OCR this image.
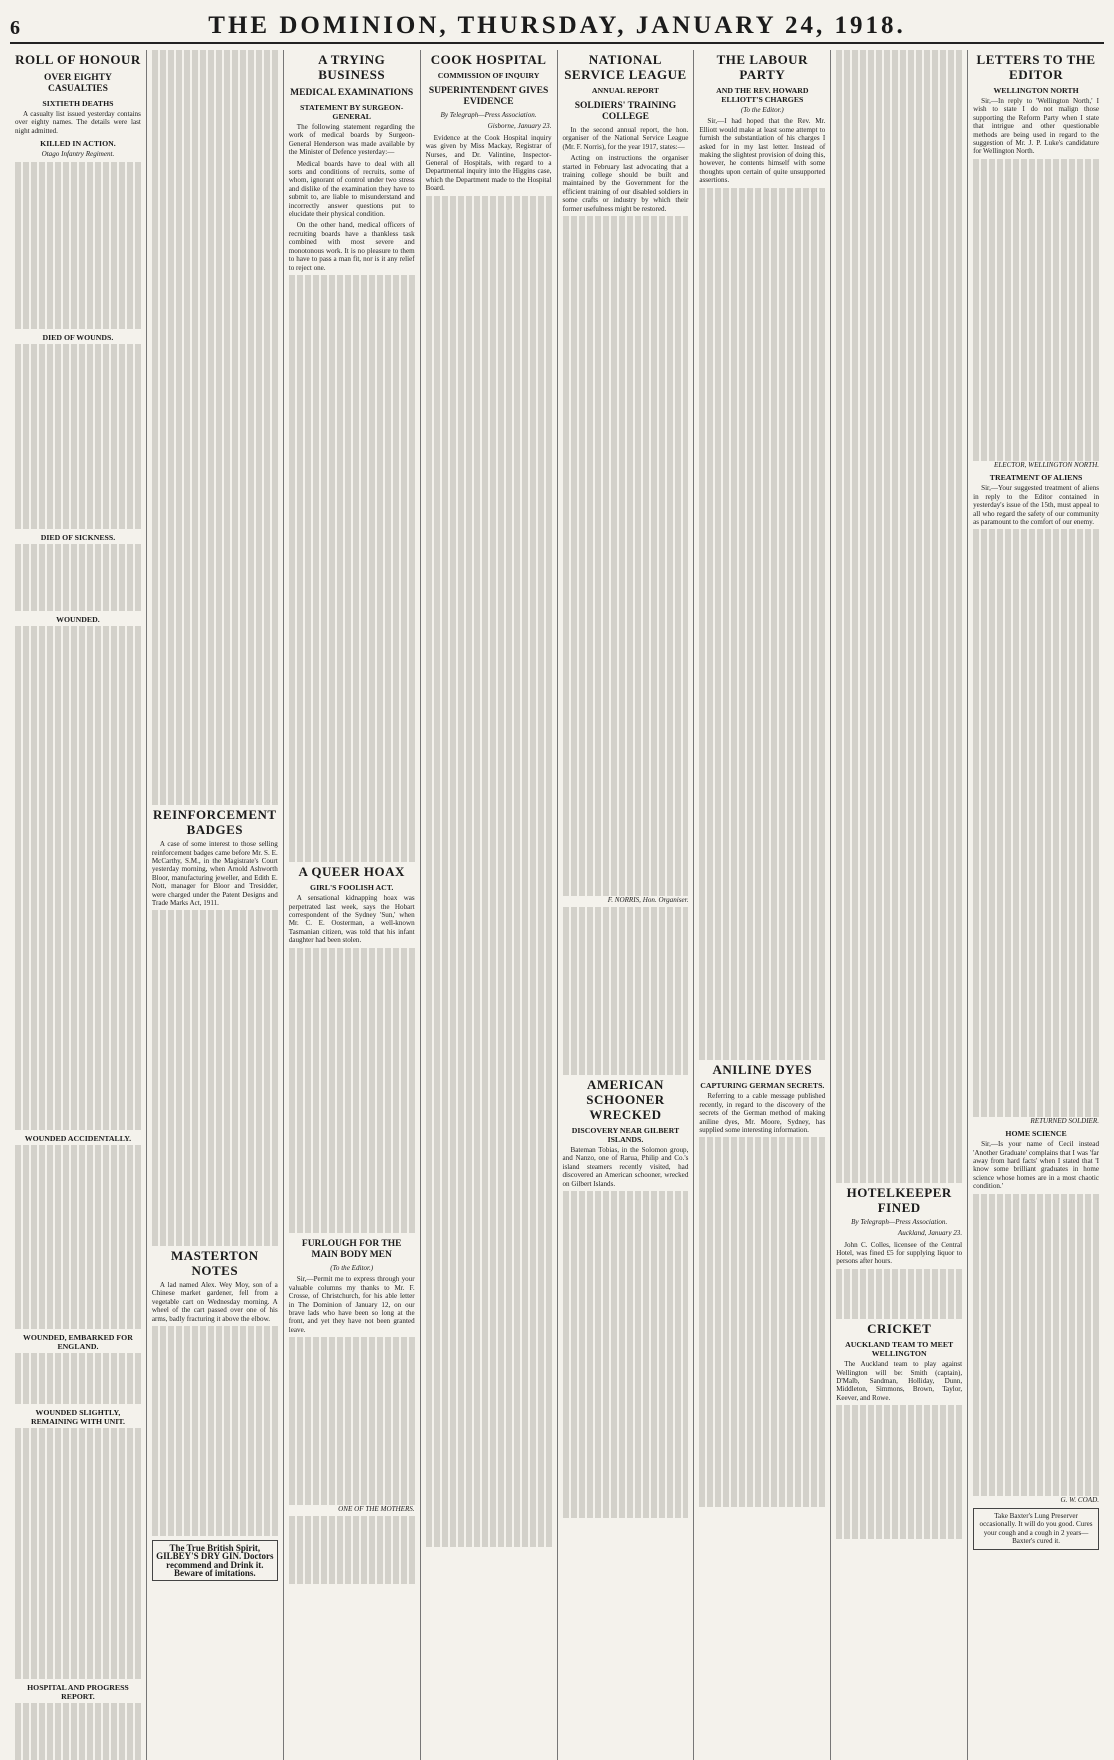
6	THE DOMINION, THURSDAY, JANUARY 24, 1918.
ROLL OF HONOUR
OVER EIGHTY CASUALTIES
SIXTIETH DEATHS

A casualty list issued yesterday contains over eighty names. The details were last night admitted.

KILLED IN ACTION.

Otago Infantry Regiment.

DIED OF WOUNDS.
DIED OF SICKNESS.
WOUNDED.
WOUNDED ACCIDENTALLY.
WOUNDED, EMBARKED FOR ENGLAND.
WOUNDED SLIGHTLY, REMAINING WITH UNIT.
HOSPITAL AND PROGRESS REPORT.
REINFORCEMENT BADGES

A case of some interest to those selling reinforcement badges came before Mr. S. E. McCarthy, S.M., in the Magistrate's Court yesterday morning, when Arnold Ashworth Bloor, manufacturing jeweller, and Edith E. Nott, manager for Bloor and Tresidder, were charged under the Patent Designs and Trade Marks Act, 1911.

MASTERTON NOTES

A lad named Alex. Wey Moy, son of a Chinese market gardener, fell from a vegetable cart on Wednesday morning. A wheel of the cart passed over one of his arms, badly fracturing it above the elbow.

The True British Spirit, GILBEY'S DRY GIN. Doctors recommend and Drink it. Beware of imitations.
A TRYING BUSINESS
MEDICAL EXAMINATIONS
STATEMENT BY SURGEON-GENERAL

The following statement regarding the work of medical boards by Surgeon-General Henderson was made available by the Minister of Defence yesterday:—

Medical boards have to deal with all sorts and conditions of recruits, some of whom, ignorant of control under two stress and dislike of the examination they have to submit to, are liable to misunderstand and incorrectly answer questions put to elucidate their physical condition.

On the other hand, medical officers of recruiting boards have a thankless task combined with most severe and monotonous work. It is no pleasure to them to have to pass a man fit, nor is it any relief to reject one.

A QUEER HOAX
GIRL'S FOOLISH ACT.

A sensational kidnapping hoax was perpetrated last week, says the Hobart correspondent of the Sydney 'Sun,' when Mr. C. E. Oosterman, a well-known Tasmanian citizen, was told that his infant daughter had been stolen.

FURLOUGH FOR THE MAIN BODY MEN

(To the Editor.)

Sir,—Permit me to express through your valuable columns my thanks to Mr. F. Crosse, of Christchurch, for his able letter in The Dominion of January 12, on our brave lads who have been so long at the front, and yet they have not been granted leave.

ONE OF THE MOTHERS.

COOK HOSPITAL
COMMISSION OF INQUIRY
SUPERINTENDENT GIVES EVIDENCE

By Telegraph—Press Association.

Gisborne, January 23.

Evidence at the Cook Hospital inquiry was given by Miss Mackay, Registrar of Nurses, and Dr. Valintine, Inspector-General of Hospitals, with regard to a Departmental inquiry into the Higgins case, which the Department made to the Hospital Board.

NATIONAL SERVICE LEAGUE
ANNUAL REPORT
SOLDIERS' TRAINING COLLEGE

In the second annual report, the hon. organiser of the National Service League (Mr. F. Norris), for the year 1917, states:—

Acting on instructions the organiser started in February last advocating that a training college should be built and maintained by the Government for the efficient training of our disabled soldiers in some crafts or industry by which their former usefulness might be restored.

F. NORRIS, Hon. Organiser.

AMERICAN SCHOONER WRECKED
DISCOVERY NEAR GILBERT ISLANDS.

Bateman Tobias, in the Solomon group, and Nanzo, one of Rarua, Philip and Co.'s island steamers recently visited, had discovered an American schooner, wrecked on Gilbert Islands.

THE LABOUR PARTY
AND THE REV. HOWARD ELLIOTT'S CHARGES

(To the Editor.)

Sir,—I had hoped that the Rev. Mr. Elliott would make at least some attempt to furnish the substantiation of his charges I asked for in my last letter. Instead of making the slightest provision of doing this, however, he contents himself with some thoughts upon certain of quite unsupported assertions.

ANILINE DYES
CAPTURING GERMAN SECRETS.

Referring to a cable message published recently, in regard to the discovery of the secrets of the German method of making aniline dyes, Mr. Moore, Sydney, has supplied some interesting information.

HOTELKEEPER FINED

By Telegraph—Press Association.

Auckland, January 23.

John C. Colles, licensee of the Central Hotel, was fined £5 for supplying liquor to persons after hours.

CRICKET
AUCKLAND TEAM TO MEET WELLINGTON

The Auckland team to play against Wellington will be: Smith (captain), D'Malb, Sandman, Holliday, Dunn, Middleton, Simmons, Brown, Taylor, Keever, and Rowe.

LETTERS TO THE EDITOR
WELLINGTON NORTH

Sir,—In reply to 'Wellington North,' I wish to state I do not malign those supporting the Reform Party when I state that intrigue and other questionable methods are being used in regard to the suggestion of Mr. J. P. Luke's candidature for Wellington North.

ELECTOR, WELLINGTON NORTH.

TREATMENT OF ALIENS

Sir,—Your suggested treatment of aliens in reply to the Editor contained in yesterday's issue of the 15th, must appeal to all who regard the safety of our community as paramount to the comfort of our enemy.

RETURNED SOLDIER.

HOME SCIENCE

Sir,—Is your name of Cecil instead 'Another Graduate' complains that I was 'far away from hard facts' when I stated that 'I know some brilliant graduates in home science whose homes are in a most chaotic condition.'

G. W. COAD.

Take Baxter's Lung Preserver occasionally. It will do you good. Cures your cough and a cough in 2 years—Baxter's cured it.
